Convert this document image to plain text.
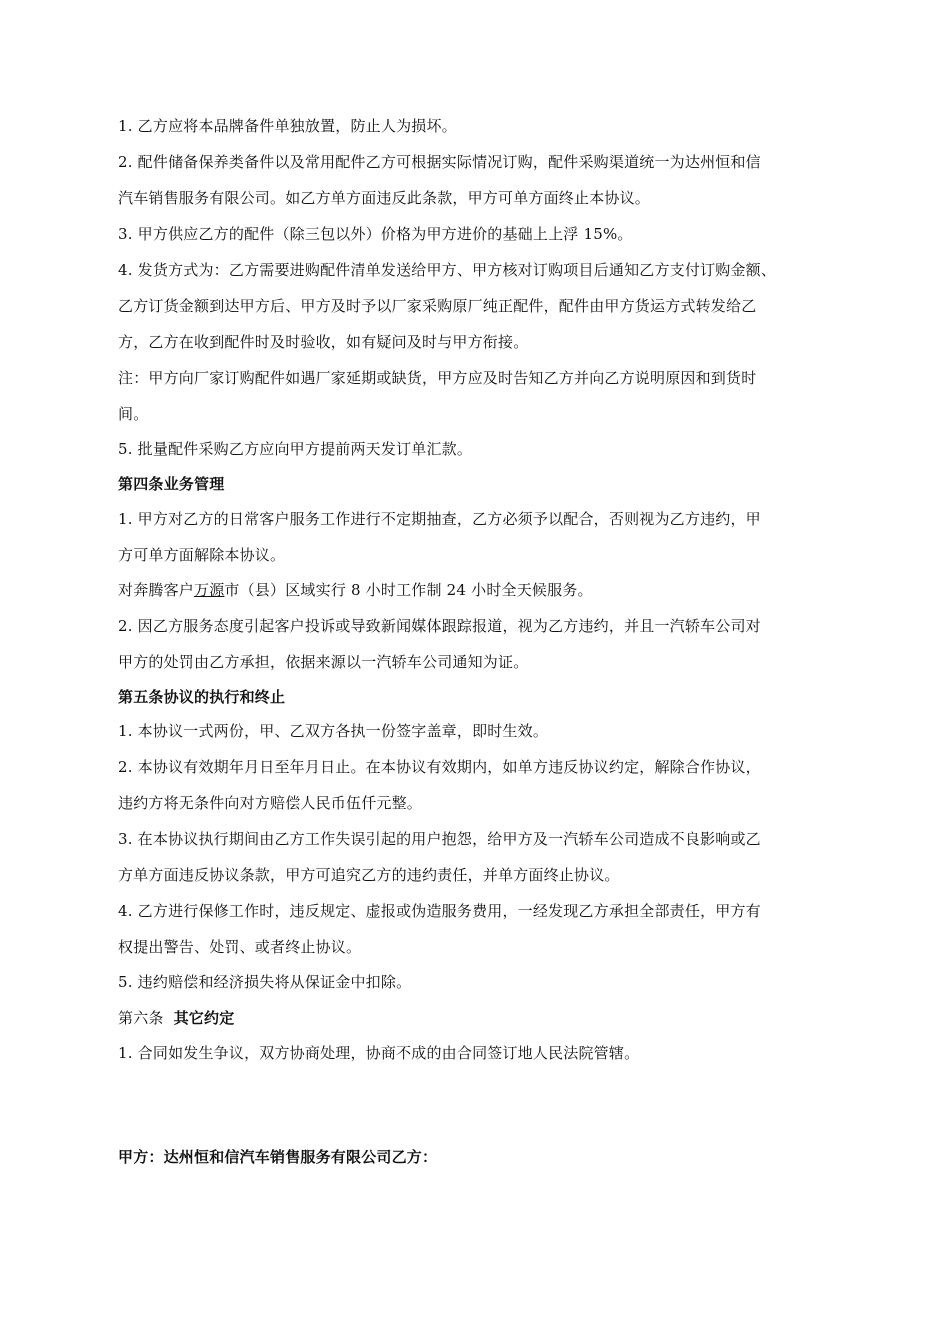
1. 乙方应将本品牌备件单独放置，防止人为损坏。
2. 配件储备保养类备件以及常用配件乙方可根据实际情况订购，配件采购渠道统一为达州恒和信
汽车销售服务有限公司。如乙方单方面违反此条款，甲方可单方面终止本协议。
3. 甲方供应乙方的配件（除三包以外）价格为甲方进价的基础上上浮 15%。
4. 发货方式为：乙方需要进购配件清单发送给甲方、甲方核对订购项目后通知乙方支付订购金额、
乙方订货金额到达甲方后、甲方及时予以厂家采购原厂纯正配件，配件由甲方货运方式转发给乙
方，乙方在收到配件时及时验收，如有疑问及时与甲方衔接。
注：甲方向厂家订购配件如遇厂家延期或缺货，甲方应及时告知乙方并向乙方说明原因和到货时
间。
5. 批量配件采购乙方应向甲方提前两天发订单汇款。
第四条业务管理
1. 甲方对乙方的日常客户服务工作进行不定期抽查，乙方必须予以配合，否则视为乙方违约，甲
方可单方面解除本协议。
对奔腾客户万源市（县）区域实行 8 小时工作制 24 小时全天候服务。
2. 因乙方服务态度引起客户投诉或导致新闻媒体跟踪报道，视为乙方违约，并且一汽轿车公司对
甲方的处罚由乙方承担，依据来源以一汽轿车公司通知为证。
第五条协议的执行和终止
1. 本协议一式两份，甲、乙双方各执一份签字盖章，即时生效。
2. 本协议有效期年月日至年月日止。在本协议有效期内，如单方违反协议约定，解除合作协议，
违约方将无条件向对方赔偿人民币伍仟元整。
3. 在本协议执行期间由乙方工作失误引起的用户抱怨，给甲方及一汽轿车公司造成不良影响或乙
方单方面违反协议条款，甲方可追究乙方的违约责任，并单方面终止协议。
4. 乙方进行保修工作时，违反规定、虚报或伪造服务费用，一经发现乙方承担全部责任，甲方有
权提出警告、处罚、或者终止协议。
5. 违约赔偿和经济损失将从保证金中扣除。
第六条 其它约定
1. 合同如发生争议，双方协商处理，协商不成的由合同签订地人民法院管辖。
甲方：达州恒和信汽车销售服务有限公司乙方：
